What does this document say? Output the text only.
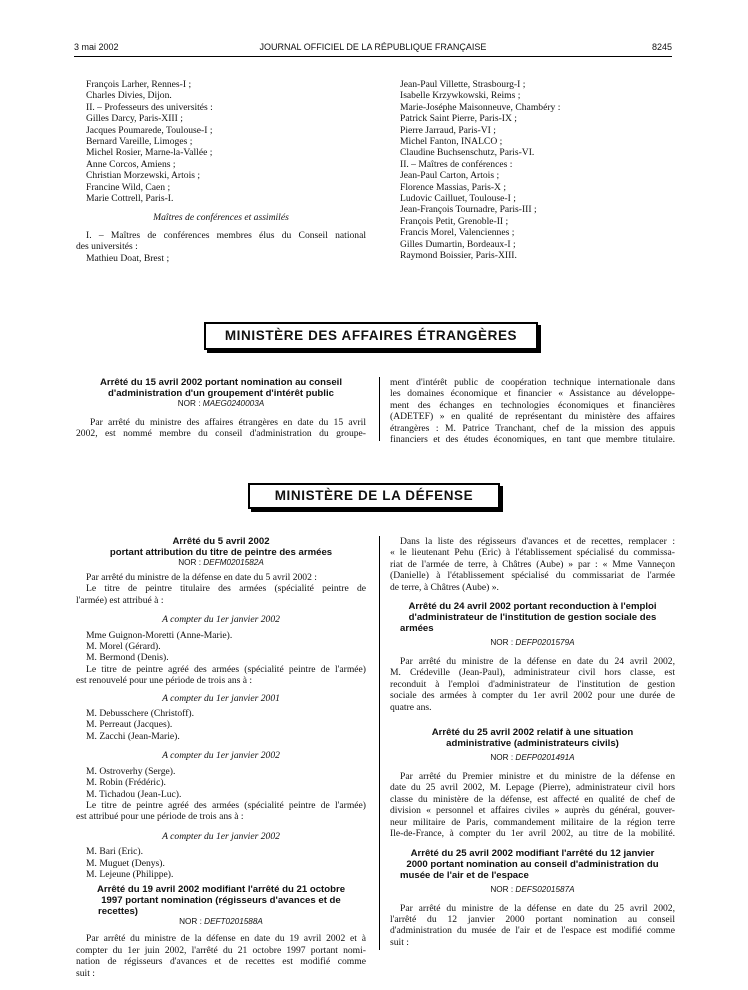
3 mai 2002	JOURNAL OFFICIEL DE LA RÉPUBLIQUE FRANÇAISE	8245
François Larher, Rennes-I ;
Charles Divies, Dijon.
II. – Professeurs des universités :
Gilles Darcy, Paris-XIII ;
Jacques Poumarede, Toulouse-I ;
Bernard Vareille, Limoges ;
Michel Rosier, Marne-la-Vallée ;
Anne Corcos, Amiens ;
Christian Morzewski, Artois ;
Francine Wild, Caen ;
Marie Cottrell, Paris-I.
Maîtres de conférences et assimilés
I. – Maîtres de conférences membres élus du Conseil national
des universités :
Mathieu Doat, Brest ;
Jean-Paul Villette, Strasbourg-I ;
Isabelle Krzywkowski, Reims ;
Marie-Joséphe Maisonneuve, Chambéry :
Patrick Saint Pierre, Paris-IX ;
Pierre Jarraud, Paris-VI ;
Michel Fanton, INALCO ;
Claudine Buchsenschutz, Paris-VI.
II. – Maîtres de conférences :
Jean-Paul Carton, Artois ;
Florence Massias, Paris-X ;
Ludovic Cailluet, Toulouse-I ;
Jean-François Tournadre, Paris-III ;
François Petit, Grenoble-II ;
Francis Morel, Valenciennes ;
Gilles Dumartin, Bordeaux-I ;
Raymond Boissier, Paris-XIII.
MINISTÈRE DES AFFAIRES ÉTRANGÈRES
Arrêté du 15 avril 2002 portant nomination au conseil
d'administration d'un groupement d'intérêt public
NOR : MAEG0240003A
Par arrêté du ministre des affaires étrangères en date du 15 avril
2002, est nommé membre du conseil d'administration du groupe-
ment d'intérêt public de coopération technique internationale dans
les domaines économique et financier « Assistance au développe-
ment des échanges en technologies économiques et financières
(ADETEF) » en qualité de représentant du ministère des affaires
étrangères : M. Patrice Tranchant, chef de la mission des appuis
financiers et des études économiques, en tant que membre titulaire.
MINISTÈRE DE LA DÉFENSE
Arrêté du 5 avril 2002
portant attribution du titre de peintre des armées
NOR : DEFM0201582A
Par arrêté du ministre de la défense en date du 5 avril 2002 :
Le titre de peintre titulaire des armées (spécialité peintre de
l'armée) est attribué à :
A compter du 1er janvier 2002
Mme Guignon-Moretti (Anne-Marie).
M. Morel (Gérard).
M. Bermond (Denis).
Le titre de peintre agréé des armées (spécialité peintre de l'armée)
est renouvelé pour une période de trois ans à :
A compter du 1er janvier 2001
M. Debusschere (Christoff).
M. Perreaut (Jacques).
M. Zacchi (Jean-Marie).
A compter du 1er janvier 2002
M. Ostroverhy (Serge).
M. Robin (Frédéric).
M. Tichadou (Jean-Luc).
Le titre de peintre agréé des armées (spécialité peintre de l'armée)
est attribué pour une période de trois ans à :
A compter du 1er janvier 2002
M. Bari (Eric).
M. Muguet (Denys).
M. Lejeune (Philippe).
Arrêté du 19 avril 2002 modifiant l'arrêté du 21 octobre
1997 portant nomination (régisseurs d'avances et de
recettes)
NOR : DEFT0201588A
Par arrêté du ministre de la défense en date du 19 avril 2002 et à
compter du 1er juin 2002, l'arrêté du 21 octobre 1997 portant nomi-
nation de régisseurs d'avances et de recettes est modifié comme
suit :
Dans la liste des régisseurs d'avances et de recettes, remplacer :
« le lieutenant Pehu (Eric) à l'établissement spécialisé du commissa-
riat de l'armée de terre, à Châtres (Aube) » par : « Mme Vanneçon
(Danielle) à l'établissement spécialisé du commissariat de l'armée
de terre, à Châtres (Aube) ».
Arrêté du 24 avril 2002 portant reconduction à l'emploi
d'administrateur de l'institution de gestion sociale des
armées
NOR : DEFP0201579A
Par arrêté du ministre de la défense en date du 24 avril 2002,
M. Crédeville (Jean-Paul), administrateur civil hors classe, est
reconduit à l'emploi d'administrateur de l'institution de gestion
sociale des armées à compter du 1er avril 2002 pour une durée de
quatre ans.
Arrêté du 25 avril 2002 relatif à une situation
administrative (administrateurs civils)
NOR : DEFP0201491A
Par arrêté du Premier ministre et du ministre de la défense en
date du 25 avril 2002, M. Lepage (Pierre), administrateur civil hors
classe du ministère de la défense, est affecté en qualité de chef de
division « personnel et affaires civiles » auprès du général, gouver-
neur militaire de Paris, commandement militaire de la région terre
Ile-de-France, à compter du 1er avril 2002, au titre de la mobilité.
Arrêté du 25 avril 2002 modifiant l'arrêté du 12 janvier
2000 portant nomination au conseil d'administration du
musée de l'air et de l'espace
NOR : DEFS0201587A
Par arrêté du ministre de la défense en date du 25 avril 2002,
l'arrêté du 12 janvier 2000 portant nomination au conseil
d'administration du musée de l'air et de l'espace est modifié comme
suit :
